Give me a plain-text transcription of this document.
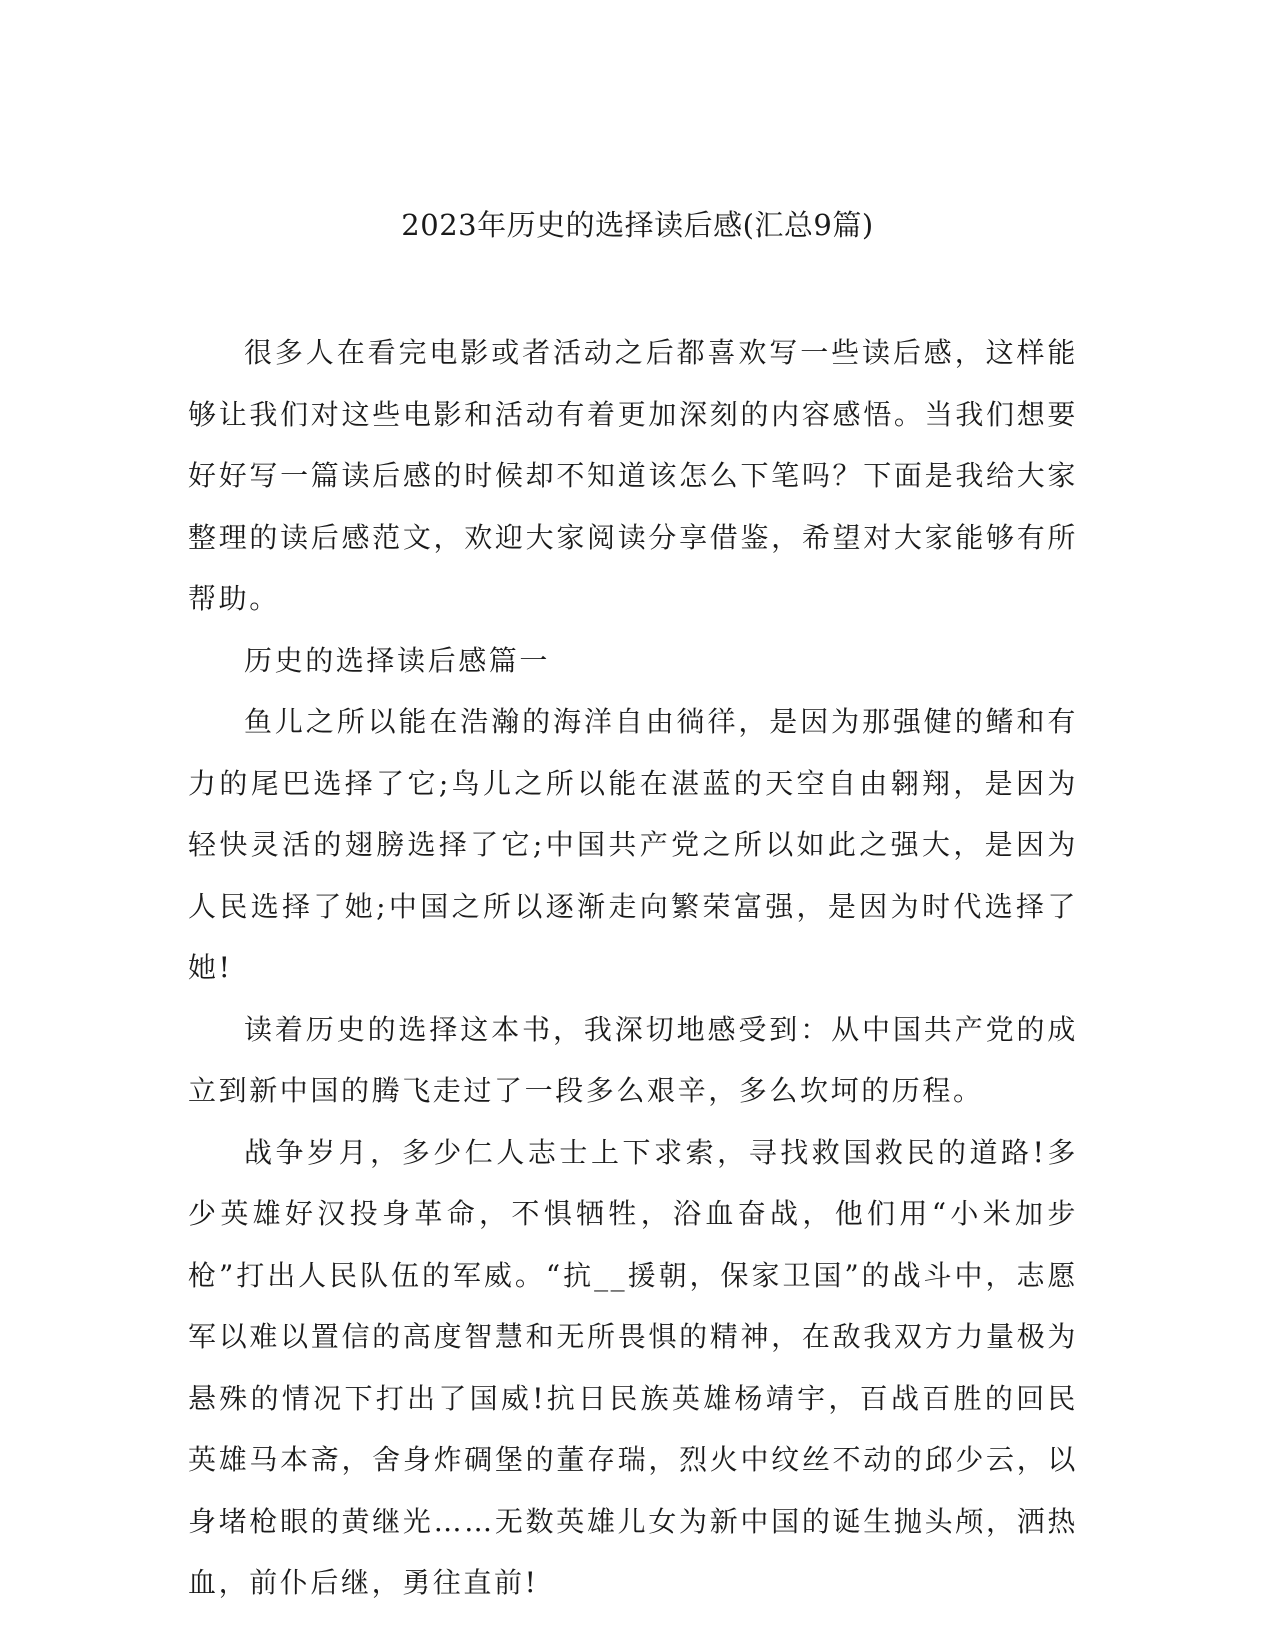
2023年历史的选择读后感(汇总9篇)

很多人在看完电影或者活动之后都喜欢写一些读后感，这样能够让我们对这些电影和活动有着更加深刻的内容感悟。当我们想要好好写一篇读后感的时候却不知道该怎么下笔吗？下面是我给大家整理的读后感范文，欢迎大家阅读分享借鉴，希望对大家能够有所帮助。

历史的选择读后感篇一

鱼儿之所以能在浩瀚的海洋自由徜徉，是因为那强健的鳍和有力的尾巴选择了它;鸟儿之所以能在湛蓝的天空自由翱翔，是因为轻快灵活的翅膀选择了它;中国共产党之所以如此之强大，是因为人民选择了她;中国之所以逐渐走向繁荣富强，是因为时代选择了她!

读着历史的选择这本书，我深切地感受到：从中国共产党的成立到新中国的腾飞走过了一段多么艰辛，多么坎坷的历程。

战争岁月，多少仁人志士上下求索，寻找救国救民的道路!多少英雄好汉投身革命，不惧牺牲，浴血奋战，他们用“小米加步枪”打出人民队伍的军威。“抗__援朝，保家卫国”的战斗中，志愿军以难以置信的高度智慧和无所畏惧的精神，在敌我双方力量极为悬殊的情况下打出了国威!抗日民族英雄杨靖宇，百战百胜的回民英雄马本斋，舍身炸碉堡的董存瑞，烈火中纹丝不动的邱少云，以身堵枪眼的黄继光……无数英雄儿女为新中国的诞生抛头颅，洒热血，前仆后继，勇往直前!
